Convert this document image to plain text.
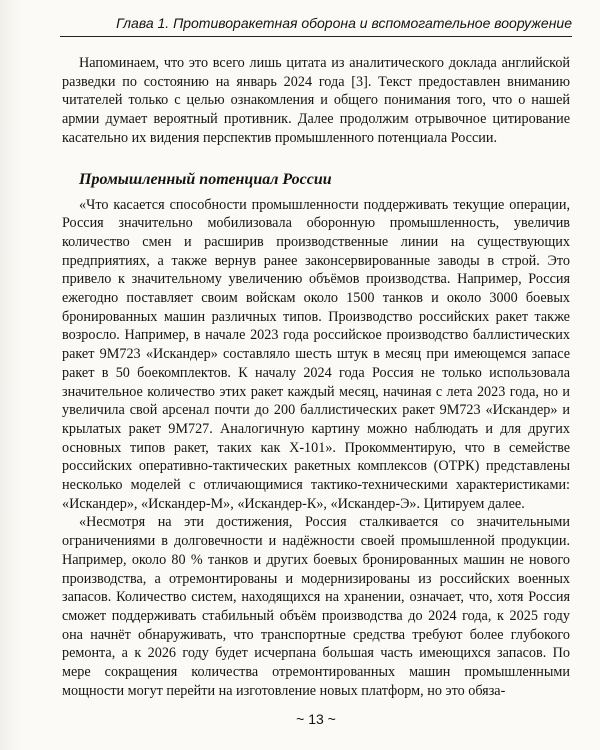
Глава 1. Противоракетная оборона и вспомогательное вооружение

Напоминаем, что это всего лишь цитата из аналитического доклада английской разведки по состоянию на январь 2024 года [3]. Текст предоставлен вниманию читателей только с целью ознакомления и общего понимания того, что о нашей армии думает вероятный противник. Далее продолжим отрывочное цитирование касательно их видения перспектив промышленного потенциала России.

Промышленный потенциал России

«Что касается способности промышленности поддерживать текущие операции, Россия значительно мобилизовала оборонную промышленность, увеличив количество смен и расширив производственные линии на существующих предприятиях, а также вернув ранее законсервированные заводы в строй. Это привело к значительному увеличению объёмов производства. Например, Россия ежегодно поставляет своим войскам около 1500 танков и около 3000 боевых бронированных машин различных типов. Производство российских ракет также возросло. Например, в начале 2023 года российское производство баллистических ракет 9М723 «Искандер» составляло шесть штук в месяц при имеющемся запасе ракет в 50 боекомплектов. К началу 2024 года Россия не только использовала значительное количество этих ракет каждый месяц, начиная с лета 2023 года, но и увеличила свой арсенал почти до 200 баллистических ракет 9М723 «Искандер» и крылатых ракет 9М727. Аналогичную картину можно наблюдать и для других основных типов ракет, таких как Х-101». Прокомментирую, что в семействе российских оперативно-тактических ракетных комплексов (ОТРК) представлены несколько моделей с отличающимися тактико-техническими характеристиками: «Искандер», «Искандер-М», «Искандер-К», «Искандер-Э». Цитируем далее.

«Несмотря на эти достижения, Россия сталкивается со значительными ограничениями в долговечности и надёжности своей промышленной продукции. Например, около 80 % танков и других боевых бронированных машин не нового производства, а отремонтированы и модернизированы из российских военных запасов. Количество систем, находящихся на хранении, означает, что, хотя Россия сможет поддерживать стабильный объём производства до 2024 года, к 2025 году она начнёт обнаруживать, что транспортные средства требуют более глубокого ремонта, а к 2026 году будет исчерпана большая часть имеющихся запасов. По мере сокращения количества отремонтированных машин промышленными мощности могут перейти на изготовление новых платформ, но это обяза-

~ 13 ~
